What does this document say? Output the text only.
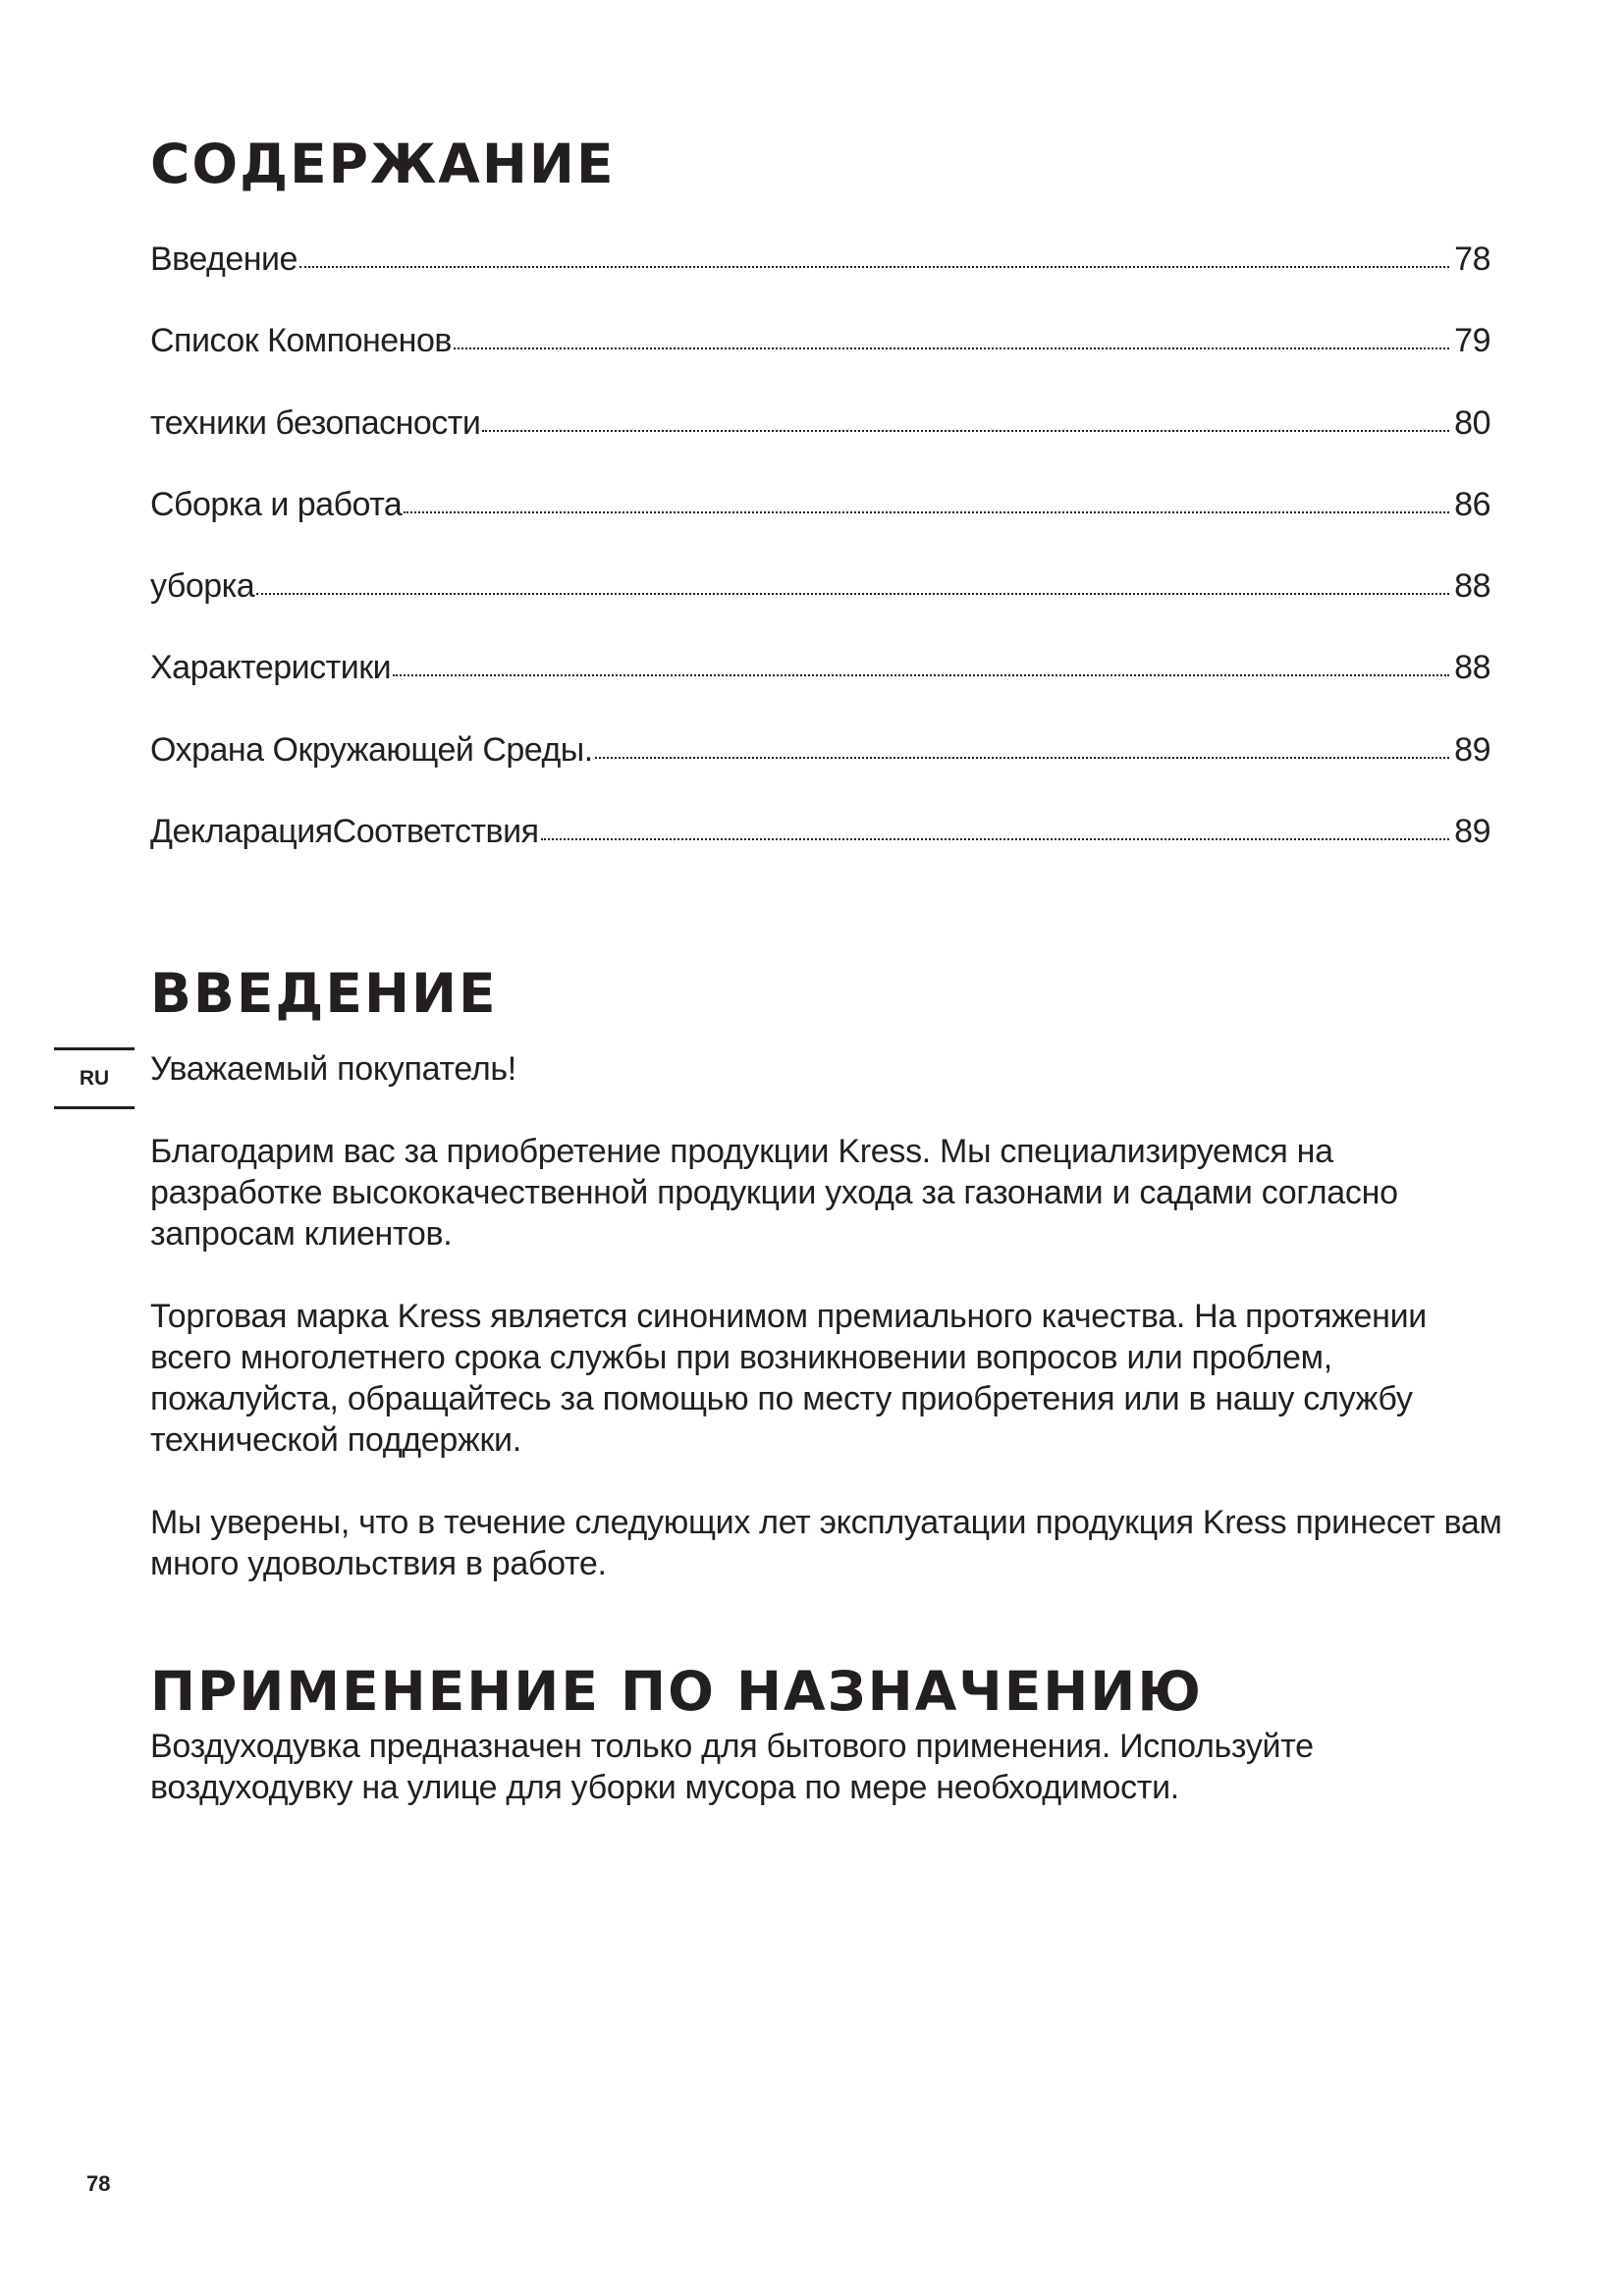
СОДЕРЖАНИЕ
Введение	78
Список Компоненов	79
техники безопасности	80
Сборка и работа	86
уборка	88
Характеристики	88
Охрана Окружающей Среды.	89
ДекларацияСоответствия	89
ВВЕДЕНИЕ
RU	Уважаемый покупатель!

Благодарим вас за приобретение продукции Kress. Мы специализируемся на разработке высококачественной продукции ухода за газонами и садами согласно запросам клиентов.

Торговая марка Kress является синонимом премиального качества. На протяжении всего многолетнего срока службы при возникновении вопросов или проблем, пожалуйста, обращайтесь за помощью по месту приобретения или в нашу службу технической поддержки.

Мы уверены, что в течение следующих лет эксплуатации продукция Kress принесет вам много удовольствия в работе.

ПРИМЕНЕНИЕ ПО НАЗНАЧЕНИЮ

Воздуходувка предназначен только для бытового применения. Используйте воздуходувку на улице для уборки мусора по мере необходимости.

78
